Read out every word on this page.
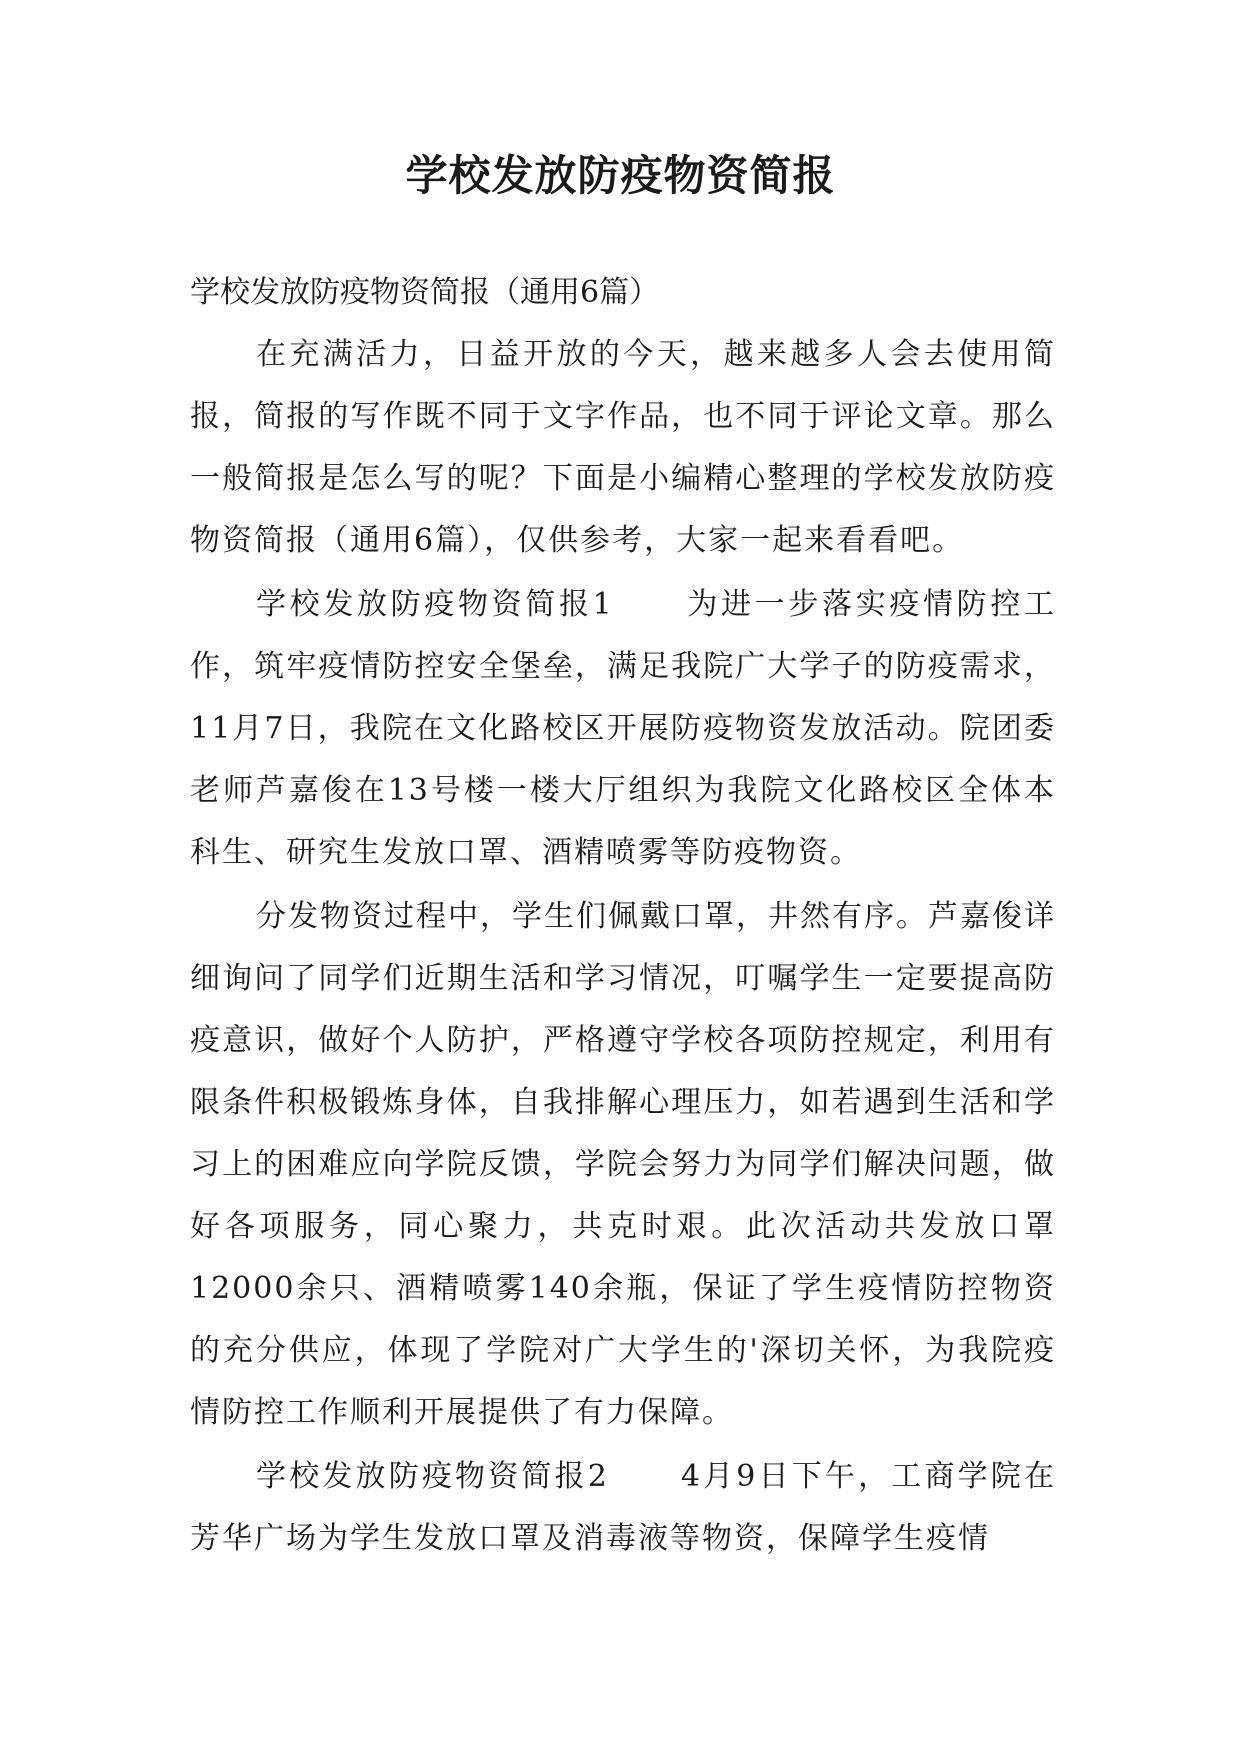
学校发放防疫物资简报

学校发放防疫物资简报（通用6篇）

在充满活力，日益开放的今天，越来越多人会去使用简报，简报的写作既不同于文字作品，也不同于评论文章。那么一般简报是怎么写的呢？下面是小编精心整理的学校发放防疫物资简报（通用6篇），仅供参考，大家一起来看看吧。

学校发放防疫物资简报1 为进一步落实疫情防控工作，筑牢疫情防控安全堡垒，满足我院广大学子的防疫需求，11月7日，我院在文化路校区开展防疫物资发放活动。院团委老师芦嘉俊在13号楼一楼大厅组织为我院文化路校区全体本科生、研究生发放口罩、酒精喷雾等防疫物资。

分发物资过程中，学生们佩戴口罩，井然有序。芦嘉俊详细询问了同学们近期生活和学习情况，叮嘱学生一定要提高防疫意识，做好个人防护，严格遵守学校各项防控规定，利用有限条件积极锻炼身体，自我排解心理压力，如若遇到生活和学习上的困难应向学院反馈，学院会努力为同学们解决问题，做好各项服务，同心聚力，共克时艰。此次活动共发放口罩12000余只、酒精喷雾140余瓶，保证了学生疫情防控物资的充分供应，体现了学院对广大学生的'深切关怀，为我院疫情防控工作顺利开展提供了有力保障。

学校发放防疫物资简报2 4月9日下午，工商学院在芳华广场为学生发放口罩及消毒液等物资，保障学生疫情
